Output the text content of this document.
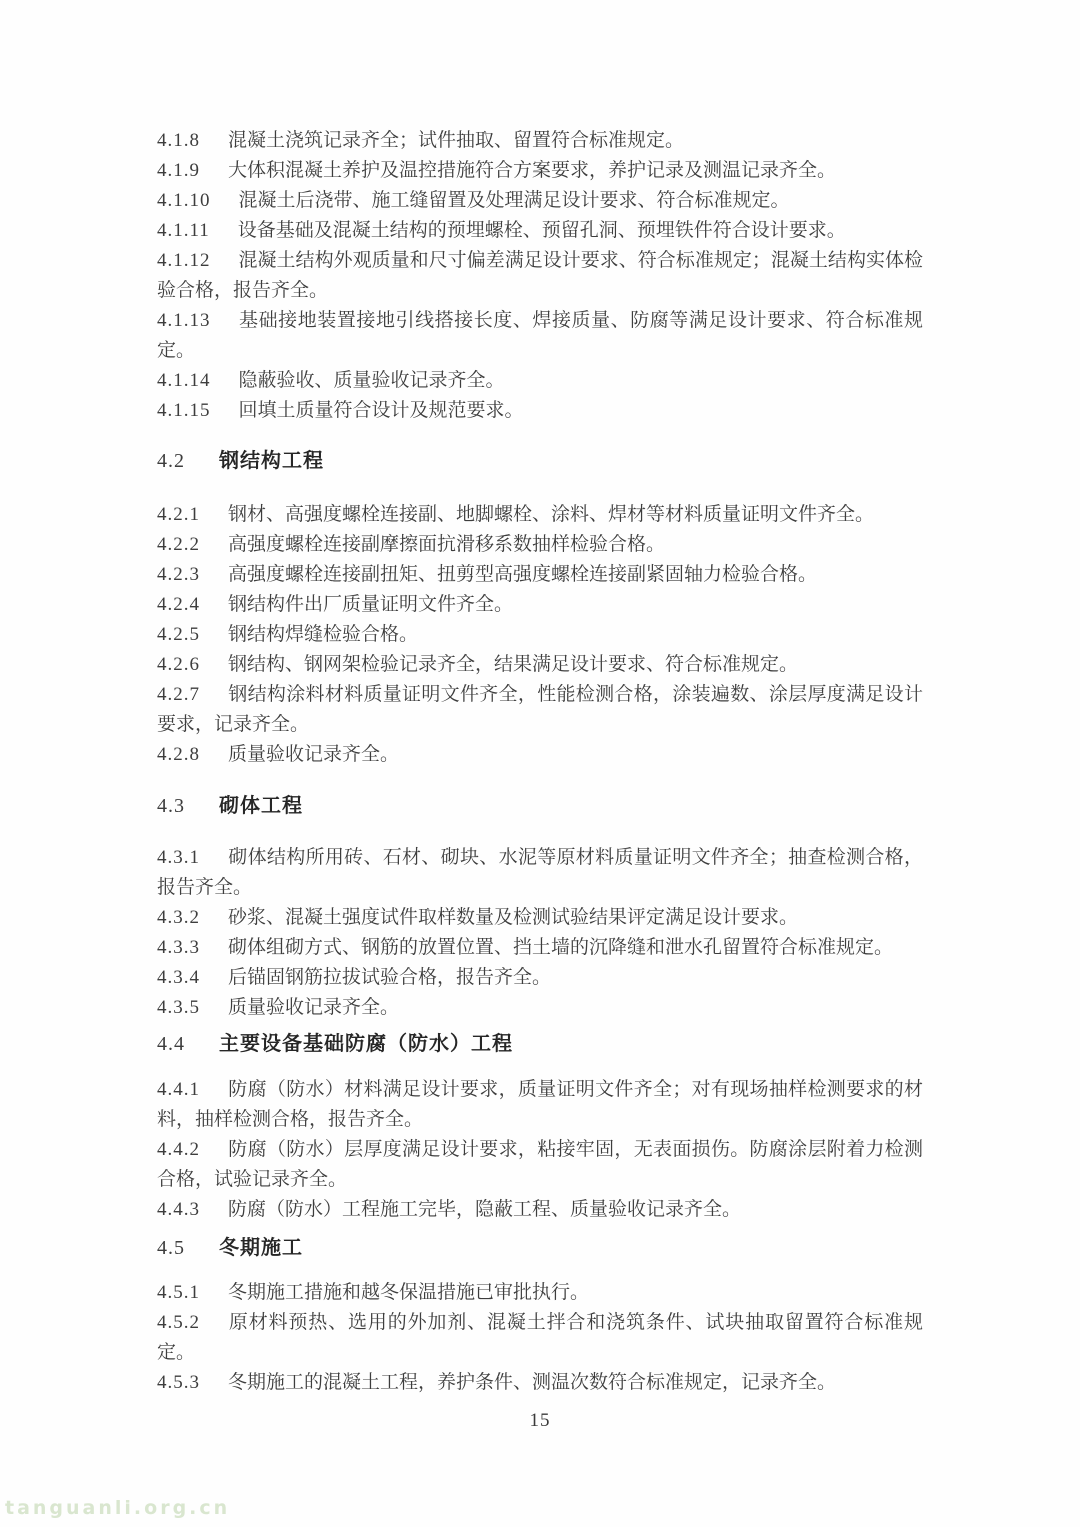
4.1.8 混凝土浇筑记录齐全；试件抽取、留置符合标准规定。

4.1.9 大体积混凝土养护及温控措施符合方案要求，养护记录及测温记录齐全。

4.1.10 混凝土后浇带、施工缝留置及处理满足设计要求、符合标准规定。

4.1.11 设备基础及混凝土结构的预埋螺栓、预留孔洞、预埋铁件符合设计要求。

4.1.12 混凝土结构外观质量和尺寸偏差满足设计要求、符合标准规定；混凝土结构实体检验合格，报告齐全。

4.1.13 基础接地装置接地引线搭接长度、焊接质量、防腐等满足设计要求、符合标准规定。

4.1.14 隐蔽验收、质量验收记录齐全。

4.1.15 回填土质量符合设计及规范要求。

4.2 钢结构工程

4.2.1 钢材、高强度螺栓连接副、地脚螺栓、涂料、焊材等材料质量证明文件齐全。

4.2.2 高强度螺栓连接副摩擦面抗滑移系数抽样检验合格。

4.2.3 高强度螺栓连接副扭矩、扭剪型高强度螺栓连接副紧固轴力检验合格。

4.2.4 钢结构件出厂质量证明文件齐全。

4.2.5 钢结构焊缝检验合格。

4.2.6 钢结构、钢网架检验记录齐全，结果满足设计要求、符合标准规定。

4.2.7 钢结构涂料材料质量证明文件齐全，性能检测合格，涂装遍数、涂层厚度满足设计要求，记录齐全。

4.2.8 质量验收记录齐全。

4.3 砌体工程

4.3.1 砌体结构所用砖、石材、砌块、水泥等原材料质量证明文件齐全；抽查检测合格，报告齐全。

4.3.2 砂浆、混凝土强度试件取样数量及检测试验结果评定满足设计要求。

4.3.3 砌体组砌方式、钢筋的放置位置、挡土墙的沉降缝和泄水孔留置符合标准规定。

4.3.4 后锚固钢筋拉拔试验合格，报告齐全。

4.3.5 质量验收记录齐全。

4.4 主要设备基础防腐（防水）工程

4.4.1 防腐（防水）材料满足设计要求，质量证明文件齐全；对有现场抽样检测要求的材料，抽样检测合格，报告齐全。

4.4.2 防腐（防水）层厚度满足设计要求，粘接牢固，无表面损伤。防腐涂层附着力检测合格，试验记录齐全。

4.4.3 防腐（防水）工程施工完毕，隐蔽工程、质量验收记录齐全。

4.5 冬期施工

4.5.1 冬期施工措施和越冬保温措施已审批执行。

4.5.2 原材料预热、选用的外加剂、混凝土拌合和浇筑条件、试块抽取留置符合标准规定。

4.5.3 冬期施工的混凝土工程，养护条件、测温次数符合标准规定，记录齐全。

15
tanguanli.org.cn
